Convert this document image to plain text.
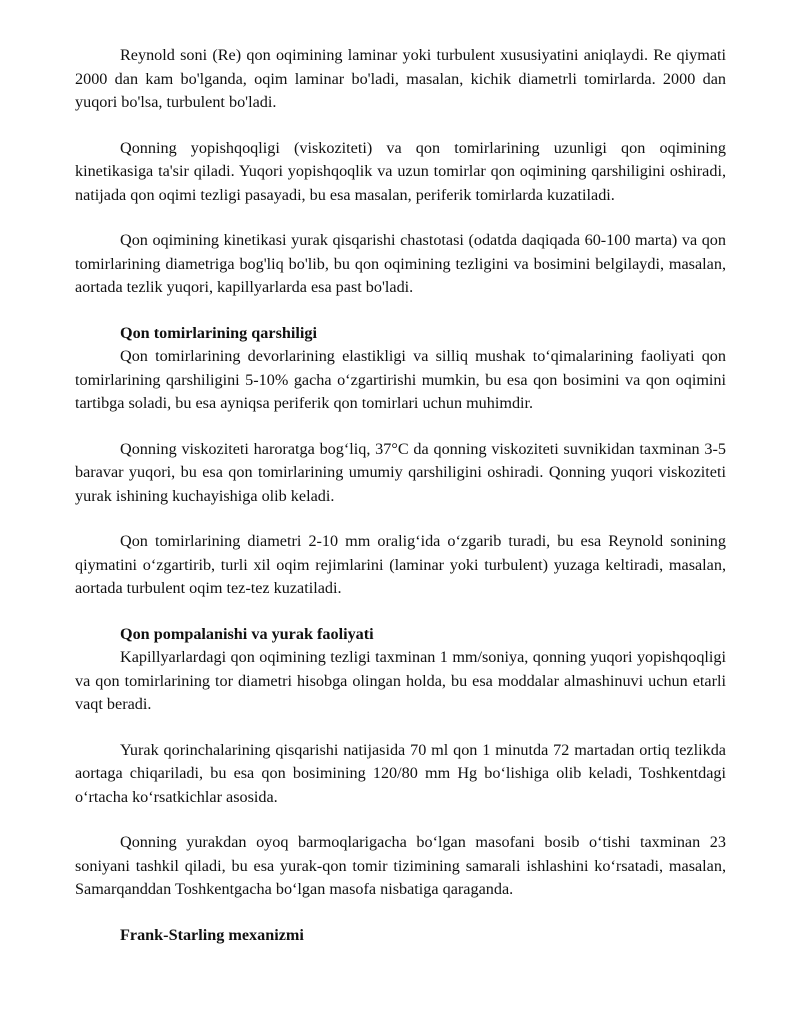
Reynold soni (Re) qon oqimining laminar yoki turbulent xususiyatini aniqlaydi. Re qiymati 2000 dan kam bo'lganda, oqim laminar bo'ladi, masalan, kichik diametrli tomirlarda. 2000 dan yuqori bo'lsa, turbulent bo'ladi.

Qonning yopishqoqligi (viskoziteti) va qon tomirlarining uzunligi qon oqimining kinetikasiga ta'sir qiladi. Yuqori yopishqoqlik va uzun tomirlar qon oqimining qarshiligini oshiradi, natijada qon oqimi tezligi pasayadi, bu esa masalan, periferik tomirlarda kuzatiladi.

Qon oqimining kinetikasi yurak qisqarishi chastotasi (odatda daqiqada 60-100 marta) va qon tomirlarining diametriga bog'liq bo'lib, bu qon oqimining tezligini va bosimini belgilaydi, masalan, aortada tezlik yuqori, kapillyarlarda esa past bo'ladi.

Qon tomirlarining qarshiligi

Qon tomirlarining devorlarining elastikligi va silliq mushak to‘qimalarining faoliyati qon tomirlarining qarshiligini 5-10% gacha o‘zgartirishi mumkin, bu esa qon bosimini va qon oqimini tartibga soladi, bu esa ayniqsa periferik qon tomirlari uchun muhimdir.

Qonning viskoziteti haroratga bog‘liq, 37°C da qonning viskoziteti suvnikidan taxminan 3-5 baravar yuqori, bu esa qon tomirlarining umumiy qarshiligini oshiradi. Qonning yuqori viskoziteti yurak ishining kuchayishiga olib keladi.

Qon tomirlarining diametri 2-10 mm oralig‘ida o‘zgarib turadi, bu esa Reynold sonining qiymatini o‘zgartirib, turli xil oqim rejimlarini (laminar yoki turbulent) yuzaga keltiradi, masalan, aortada turbulent oqim tez-tez kuzatiladi.

Qon pompalanishi va yurak faoliyati

Kapillyarlardagi qon oqimining tezligi taxminan 1 mm/soniya, qonning yuqori yopishqoqligi va qon tomirlarining tor diametri hisobga olingan holda, bu esa moddalar almashinuvi uchun etarli vaqt beradi.

Yurak qorinchalarining qisqarishi natijasida 70 ml qon 1 minutda 72 martadan ortiq tezlikda aortaga chiqariladi, bu esa qon bosimining 120/80 mm Hg bo‘lishiga olib keladi, Toshkentdagi o‘rtacha ko‘rsatkichlar asosida.

Qonning yurakdan oyoq barmoqlarigacha bo‘lgan masofani bosib o‘tishi taxminan 23 soniyani tashkil qiladi, bu esa yurak-qon tomir tizimining samarali ishlashini ko‘rsatadi, masalan, Samarqanddan Toshkentgacha bo‘lgan masofa nisbatiga qaraganda.

Frank-Starling mexanizmi
